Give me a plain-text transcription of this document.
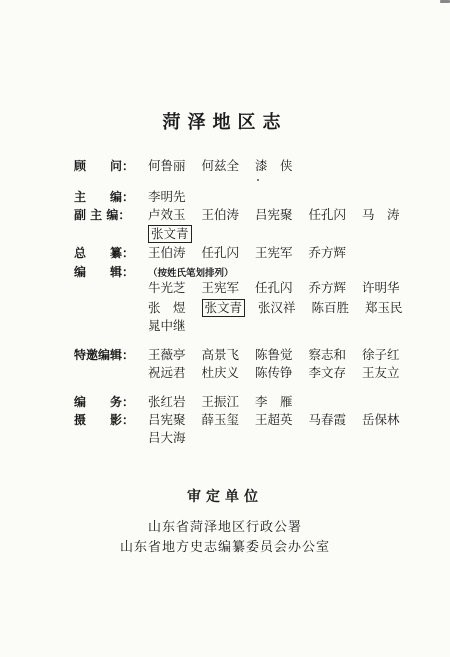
菏泽地区志
顾　　问： 何鲁丽 何兹全 漆　侠
主　　编： 李明先
副 主 编： 卢效玉 王伯涛 吕宪聚 任孔闪 马　涛
张文青
总　　纂： 王伯涛 任孔闪 王宪军 乔方辉
编　　辑： （按姓氏笔划排列）
牛光芝 王宪军 任孔闪 乔方辉 许明华
张　煜 张文青 张汉祥 陈百胜 郑玉民
晁中继
特邀编辑： 王薇亭 高景飞 陈鲁觉 察志和 徐子红
祝远君 杜庆义 陈传铮 李文存 王友立
编　　务： 张红岩 王振江 李　雁
摄　　影： 吕宪聚 薛玉玺 王超英 马春霞 岳保林
吕大海
审定单位
山东省菏泽地区行政公署
山东省地方史志编纂委员会办公室
